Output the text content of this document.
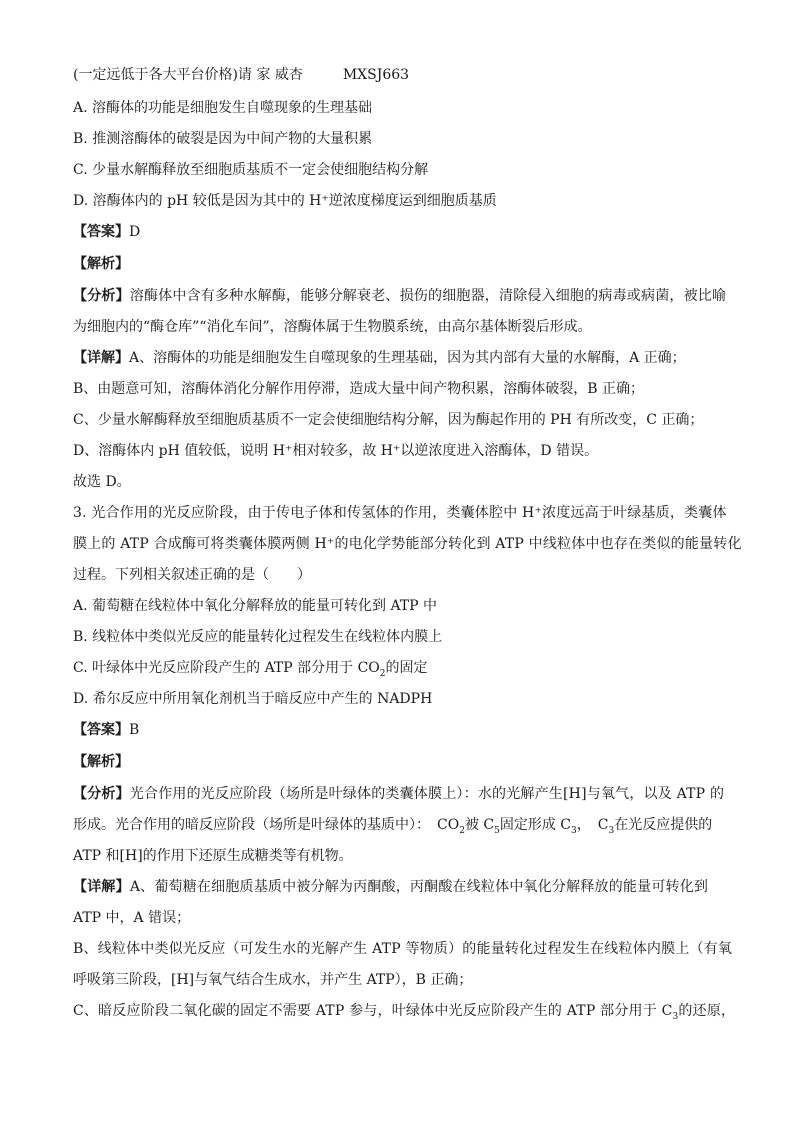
(一定远低于各大平台价格)请 家 威杏	MXSJ663
A. 溶酶体的功能是细胞发生自噬现象的生理基础
B. 推测溶酶体的破裂是因为中间产物的大量积累
C. 少量水解酶释放至细胞质基质不一定会使细胞结构分解
D. 溶酶体内的 pH 较低是因为其中的 H⁺逆浓度梯度运到细胞质基质
【答案】D
【解析】
【分析】溶酶体中含有多种水解酶，能够分解衰老、损伤的细胞器，清除侵入细胞的病毒或病菌，被比喻
为细胞内的“酶仓库”“消化车间”，溶酶体属于生物膜系统，由高尔基体断裂后形成。
【详解】A、溶酶体的功能是细胞发生自噬现象的生理基础，因为其内部有大量的水解酶，A 正确；
B、由题意可知，溶酶体消化分解作用停滞，造成大量中间产物积累，溶酶体破裂，B 正确；
C、少量水解酶释放至细胞质基质不一定会使细胞结构分解，因为酶起作用的 PH 有所改变，C 正确；
D、溶酶体内 pH 值较低，说明 H⁺相对较多，故 H⁺以逆浓度进入溶酶体，D 错误。
故选 D。
3. 光合作用的光反应阶段，由于传电子体和传氢体的作用，类囊体腔中 H⁺浓度远高于叶绿基质，类囊体
膜上的 ATP 合成酶可将类囊体膜两侧 H⁺的电化学势能部分转化到 ATP 中线粒体中也存在类似的能量转化
过程。下列相关叙述正确的是（　　）
A. 葡萄糖在线粒体中氧化分解释放的能量可转化到 ATP 中
B. 线粒体中类似光反应的能量转化过程发生在线粒体内膜上
C. 叶绿体中光反应阶段产生的 ATP 部分用于 $CO_2$的固定
D. 希尔反应中所用氧化剂机当于暗反应中产生的 NADPH
【答案】B
【解析】
【分析】光合作用的光反应阶段（场所是叶绿体的类囊体膜上）：水的光解产生[H]与氧气，以及 ATP 的
形成。光合作用的暗反应阶段（场所是叶绿体的基质中）：　$CO_2$被 $C_5$固定形成 $C_3$，　$C_3$在光反应提供的
ATP 和[H]的作用下还原生成糖类等有机物。
【详解】A、葡萄糖在细胞质基质中被分解为丙酮酸，丙酮酸在线粒体中氧化分解释放的能量可转化到
ATP 中，A 错误；
B、线粒体中类似光反应（可发生水的光解产生 ATP 等物质）的能量转化过程发生在线粒体内膜上（有氧
呼吸第三阶段，[H]与氧气结合生成水，并产生 ATP），B 正确；
C、暗反应阶段二氧化碳的固定不需要 ATP 参与，叶绿体中光反应阶段产生的 ATP 部分用于 $C_3$的还原，
